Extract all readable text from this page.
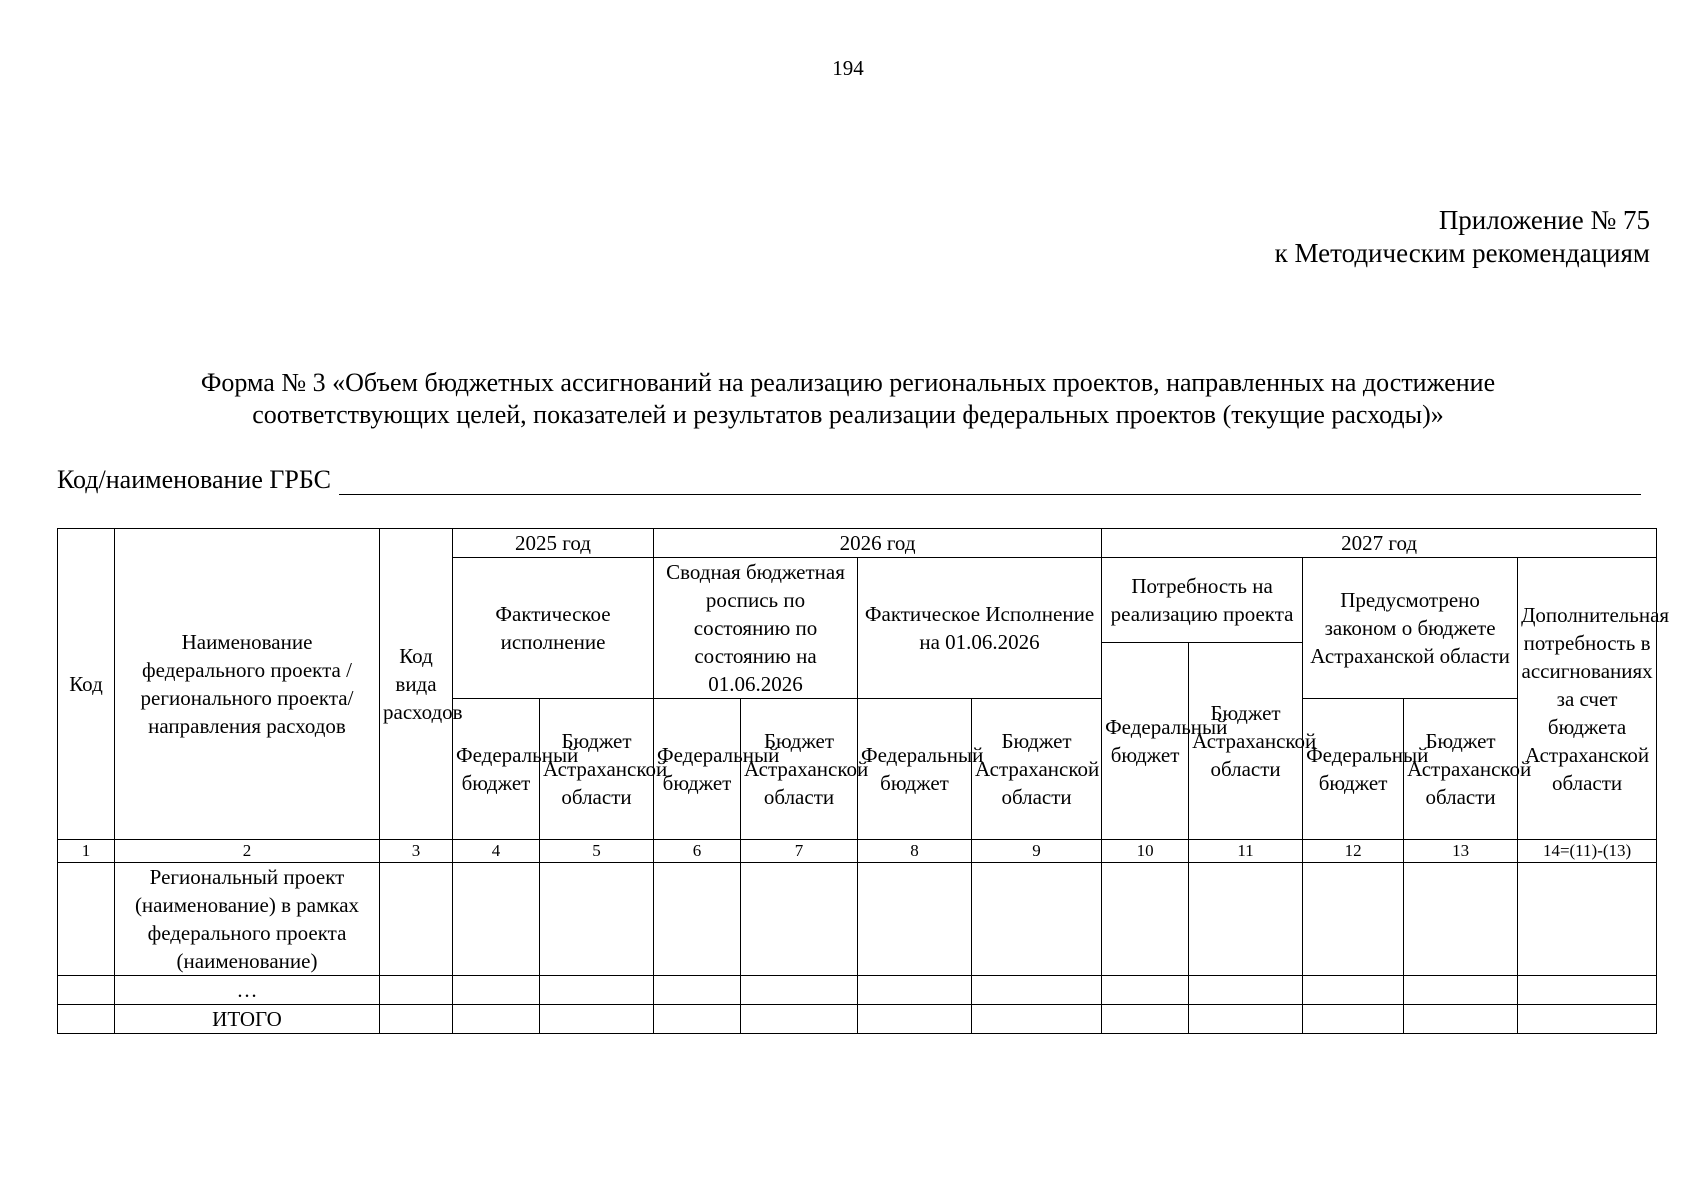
194
Приложение № 75
к Методическим рекомендациям
Форма № 3 «Объем бюджетных ассигнований на реализацию региональных проектов, направленных на достижение
соответствующих целей, показателей и результатов реализации федеральных проектов (текущие расходы)»
Код/наименование ГРБС
Код	Наименование федерального проекта /регионального проекта/направления расходов	Код вида расходов	2025 год		2026 год				2027 год				
			Фактическое исполнение		Сводная бюджетная роспись по состоянию по состоянию на 01.06.2026		Фактическое Исполнение на 01.06.2026		Потребность на реализацию проекта		Предусмотрено законом о бюджете Астраханской области		Дополнительная потребность в ассигнованиях за счет бюджета Астраханской области
									Федеральный бюджет	Бюджет Астраханской области			
			Федеральный бюджет	Бюджет Астраханской области	Федеральный бюджет	Бюджет Астраханской области	Федеральный бюджет	Бюджет Астраханской области			Федеральный бюджет	Бюджет Астраханской области	
1	2	3	4	5	6	7	8	9	10	11	12	13	14=(11)-(13)
	Региональный проект (наименование) в рамках федерального проекта (наименование)												
	…												
	ИТОГО												
